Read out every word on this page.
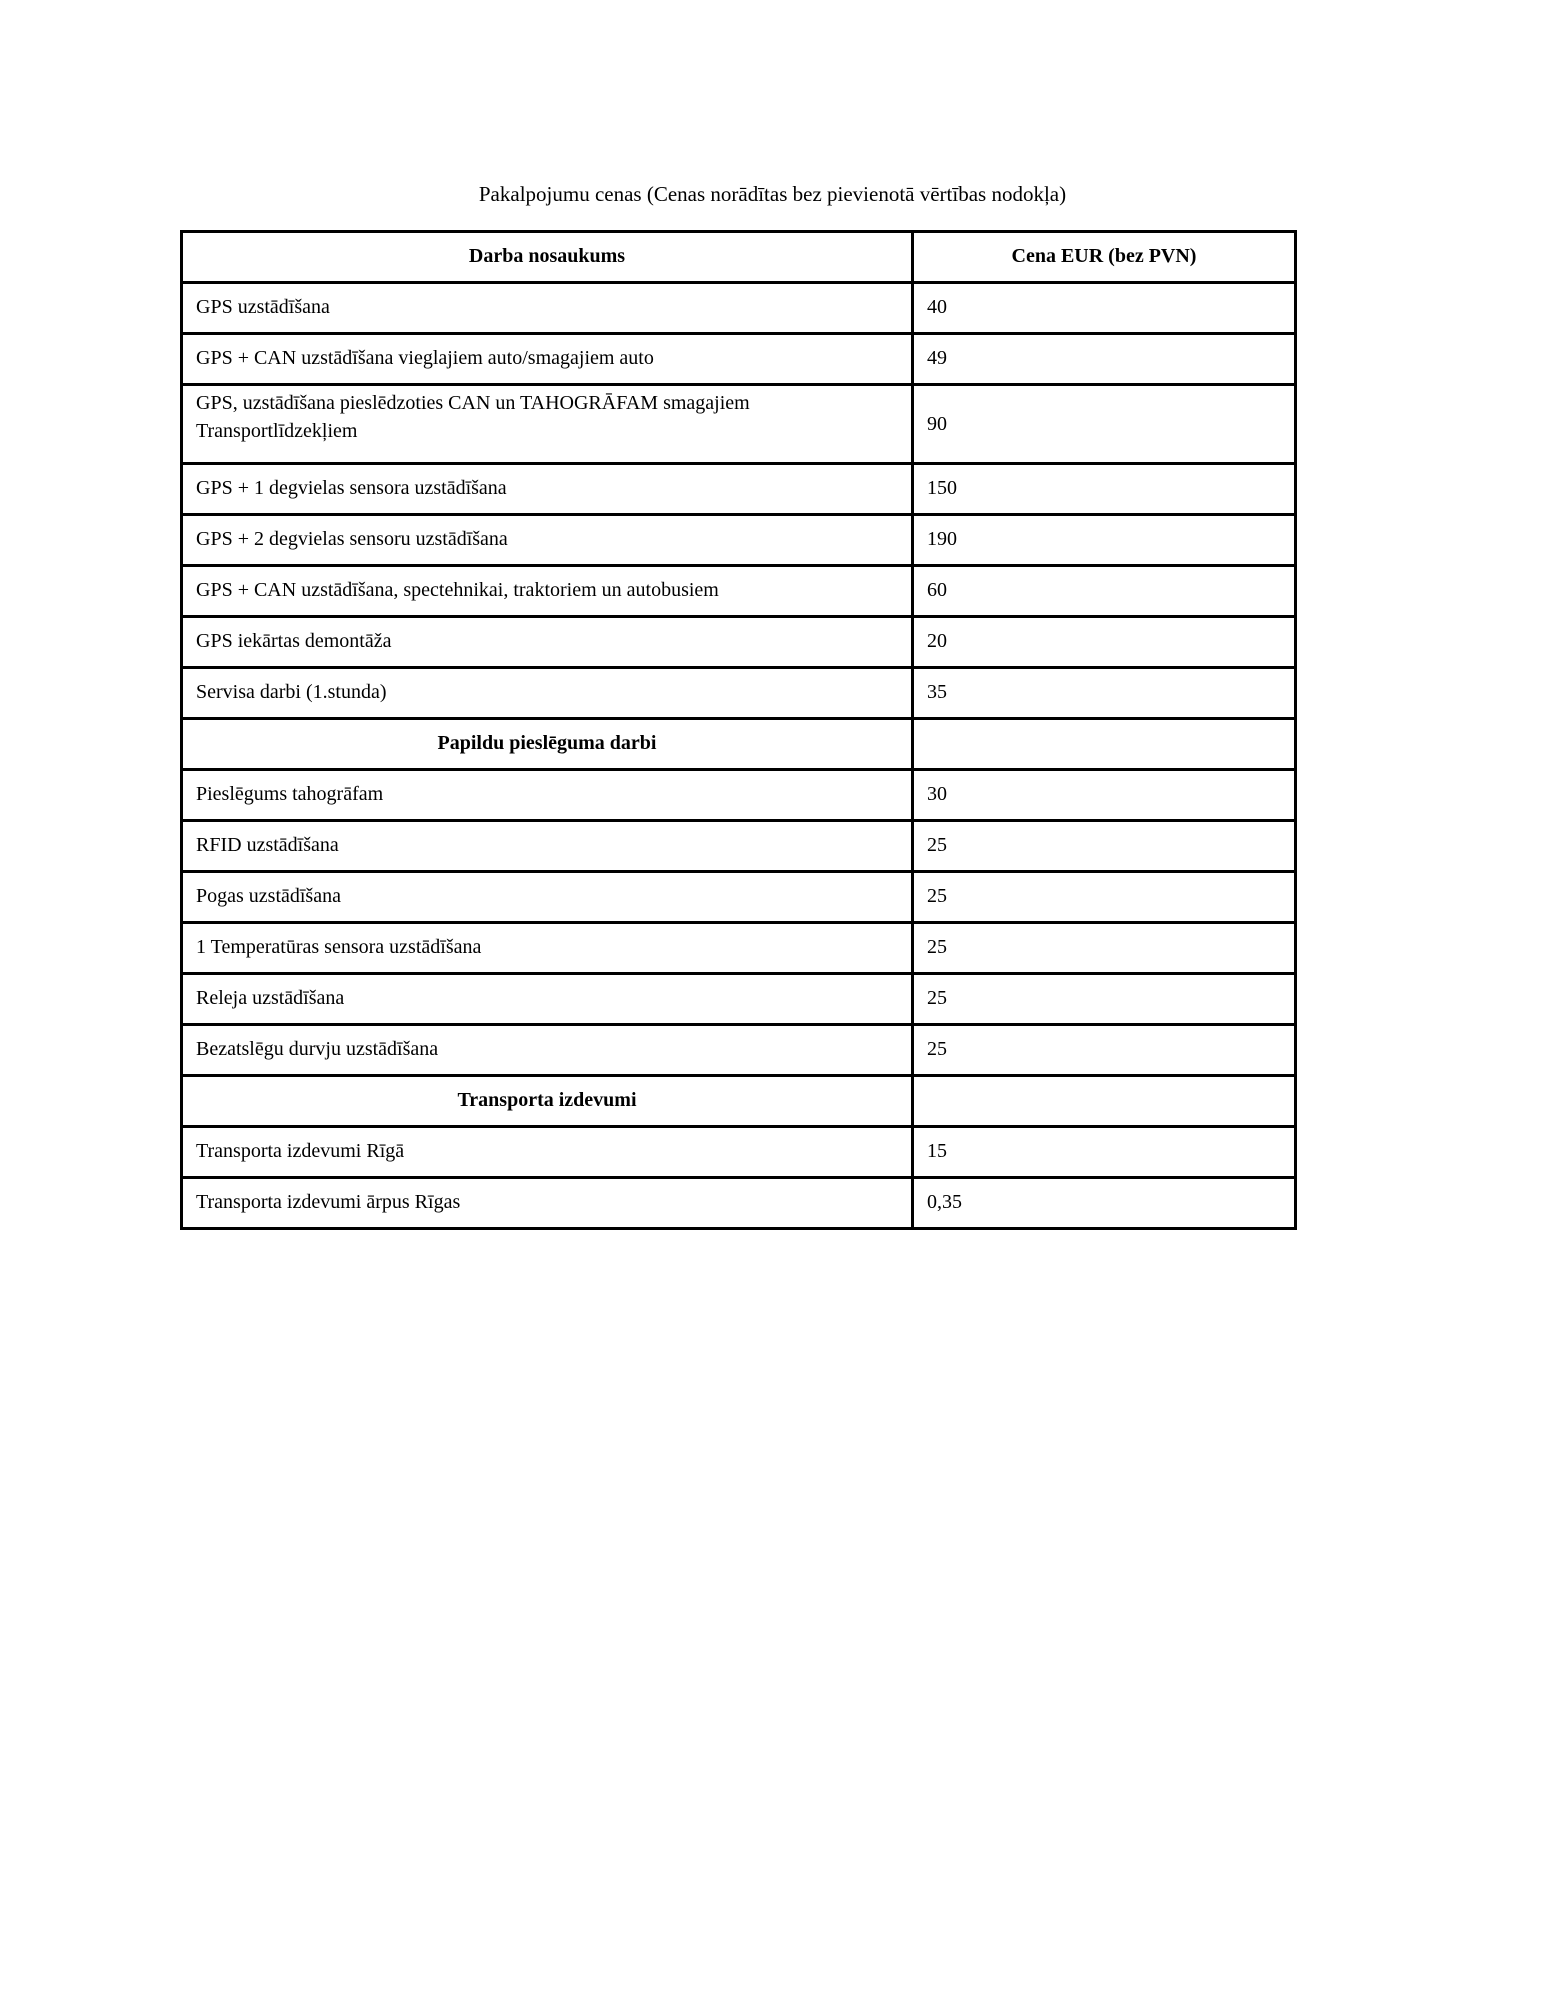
Pakalpojumu cenas (Cenas norādītas bez pievienotā vērtības nodokļa)
Darba nosaukums	Cena EUR (bez PVN)
GPS uzstādīšana	40
GPS + CAN uzstādīšana vieglajiem auto/smagajiem auto	49
GPS, uzstādīšana pieslēdzoties CAN un TAHOGRĀFAM smagajiem Transportlīdzekļiem	90
GPS + 1 degvielas sensora uzstādīšana	150
GPS + 2 degvielas sensoru uzstādīšana	190
GPS + CAN uzstādīšana, spectehnikai, traktoriem un autobusiem	60
GPS iekārtas demontāža	20
Servisa darbi (1.stunda)	35
Papildu pieslēguma darbi	
Pieslēgums tahogrāfam	30
RFID uzstādīšana	25
Pogas uzstādīšana	25
1 Temperatūras sensora uzstādīšana	25
Releja uzstādīšana	25
Bezatslēgu durvju uzstādīšana	25
Transporta izdevumi	
Transporta izdevumi Rīgā	15
Transporta izdevumi ārpus Rīgas	0,35
